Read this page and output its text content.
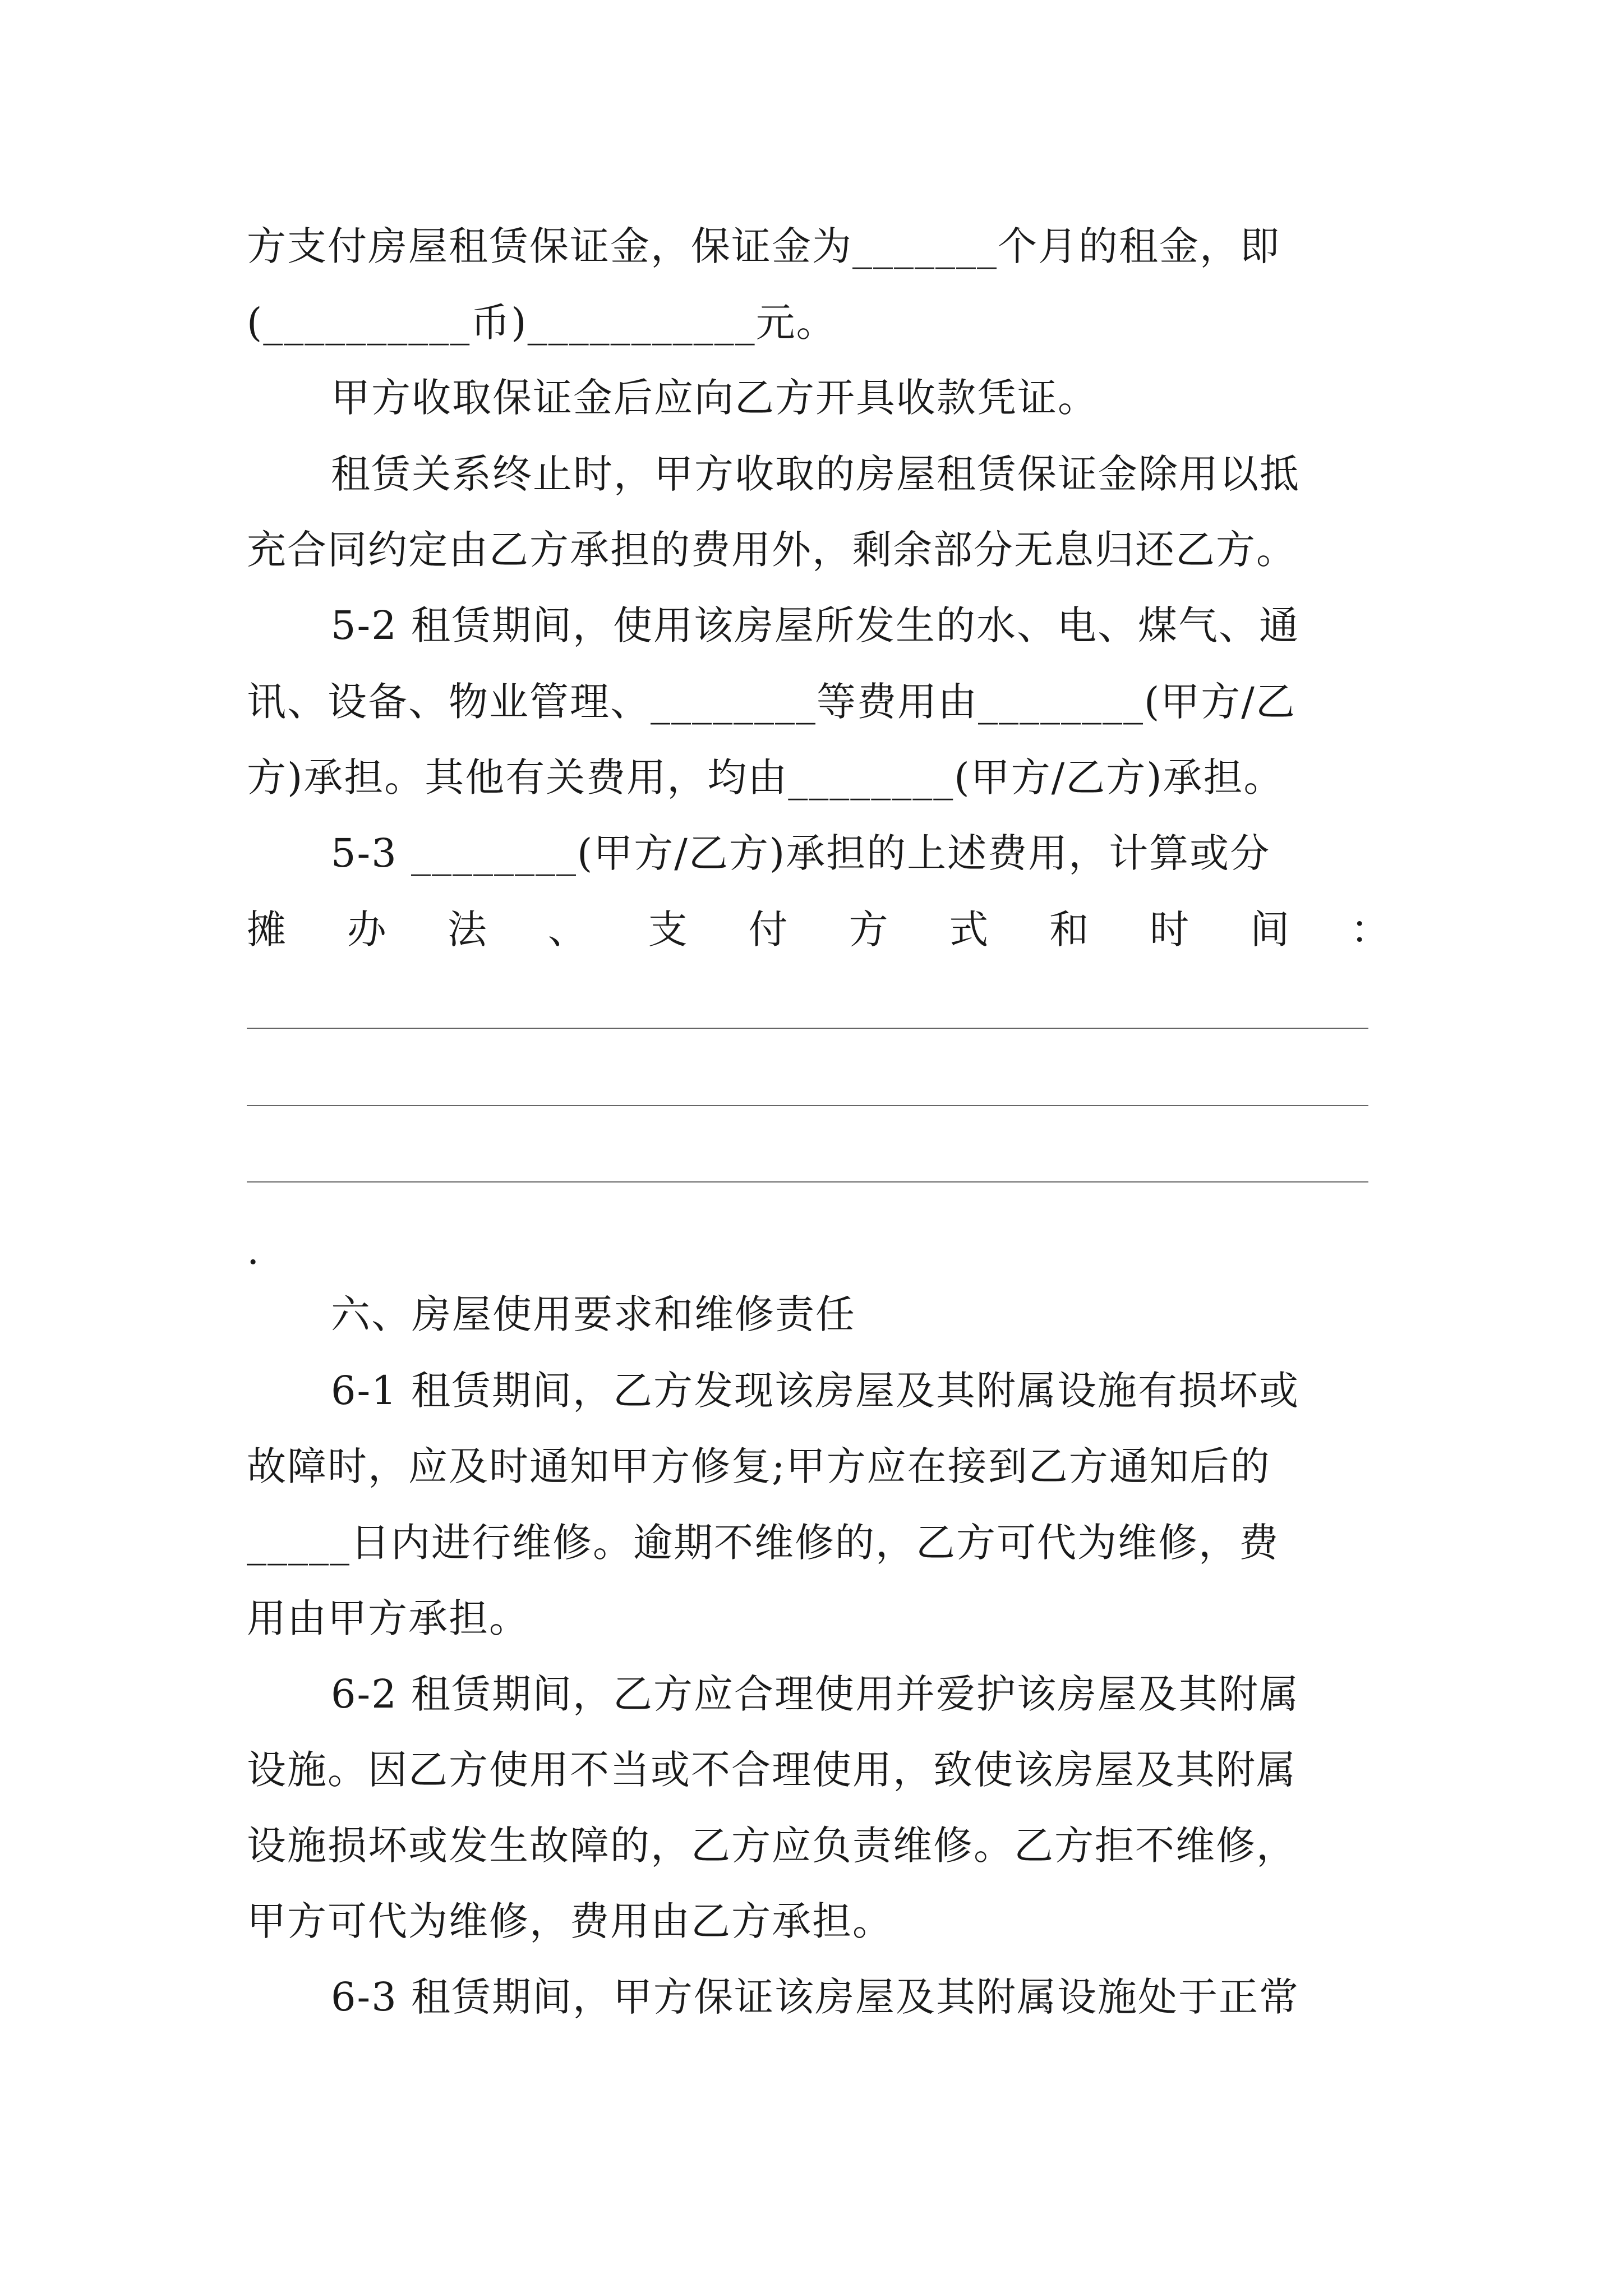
方支付房屋租赁保证金，保证金为_______个月的租金，即
(__________币)___________元。
甲方收取保证金后应向乙方开具收款凭证。
租赁关系终止时，甲方收取的房屋租赁保证金除用以抵
充合同约定由乙方承担的费用外，剩余部分无息归还乙方。
5-2 租赁期间，使用该房屋所发生的水、电、煤气、通
讯、设备、物业管理、________等费用由________(甲方/乙
方)承担。其他有关费用，均由________(甲方/乙方)承担。
5-3 ________(甲方/乙方)承担的上述费用，计算或分
摊 办 法 、 支 付 方 式 和 时 间 ：
.
六、房屋使用要求和维修责任
6-1 租赁期间，乙方发现该房屋及其附属设施有损坏或
故障时，应及时通知甲方修复;甲方应在接到乙方通知后的
_____日内进行维修。逾期不维修的，乙方可代为维修，费
用由甲方承担。
6-2 租赁期间，乙方应合理使用并爱护该房屋及其附属
设施。因乙方使用不当或不合理使用，致使该房屋及其附属
设施损坏或发生故障的，乙方应负责维修。乙方拒不维修，
甲方可代为维修，费用由乙方承担。
6-3 租赁期间，甲方保证该房屋及其附属设施处于正常
